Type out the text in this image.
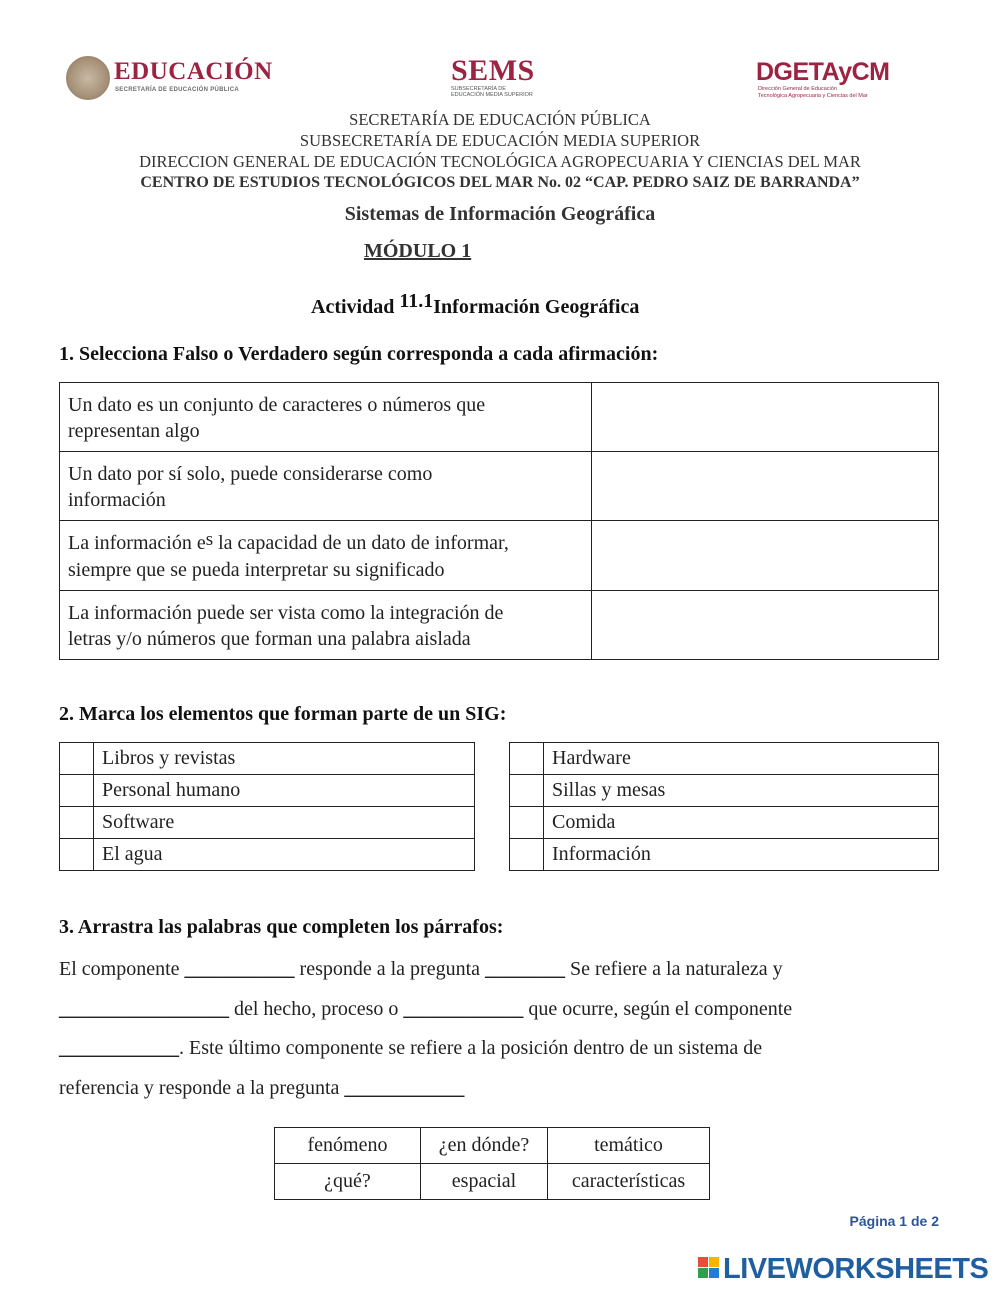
EDUCACIÓN
SECRETARÍA DE EDUCACIÓN PÚBLICA
SEMS
SUBSECRETARÍA DE
EDUCACIÓN MEDIA SUPERIOR
DGETAyCM
Dirección General de Educación
Tecnológica Agropecuaria y Ciencias del Mar
SECRETARÍA DE EDUCACIÓN PÚBLICA
SUBSECRETARÍA DE EDUCACIÓN MEDIA SUPERIOR
DIRECCION GENERAL DE EDUCACIÓN TECNOLÓGICA AGROPECUARIA Y CIENCIAS DEL MAR
CENTRO DE ESTUDIOS TECNOLÓGICOS DEL MAR No. 02 “CAP. PEDRO SAIZ DE BARRANDA”
Sistemas de Información Geográfica
MÓDULO 1
Actividad 11.1Información Geográfica
1. Selecciona Falso o Verdadero según corresponda a cada afirmación:
Un dato es un conjunto de caracteres o números que
representan algo	
Un dato por sí solo, puede considerarse como
información	
La información es la capacidad de un dato de informar,
siempre que se pueda interpretar su significado	
La información puede ser vista como la integración de
letras y/o números que forman una palabra aislada	
2. Marca los elementos que forman parte de un SIG:
	Libros y revistas
	Personal humano
	Software
	El agua
	Hardware
	Sillas y mesas
	Comida
	Información
3. Arrastra las palabras que completen los párrafos:
El componente ___________ responde a la pregunta ________ Se refiere a la naturaleza y
_________________ del hecho, proceso o ____________ que ocurre, según el componente
____________. Este último componente se refiere a la posición dentro de un sistema de
referencia y responde a la pregunta ____________
fenómeno	¿en dónde?	temático
¿qué?	espacial	características
Página 1 de 2
LIVEWORKSHEETS
